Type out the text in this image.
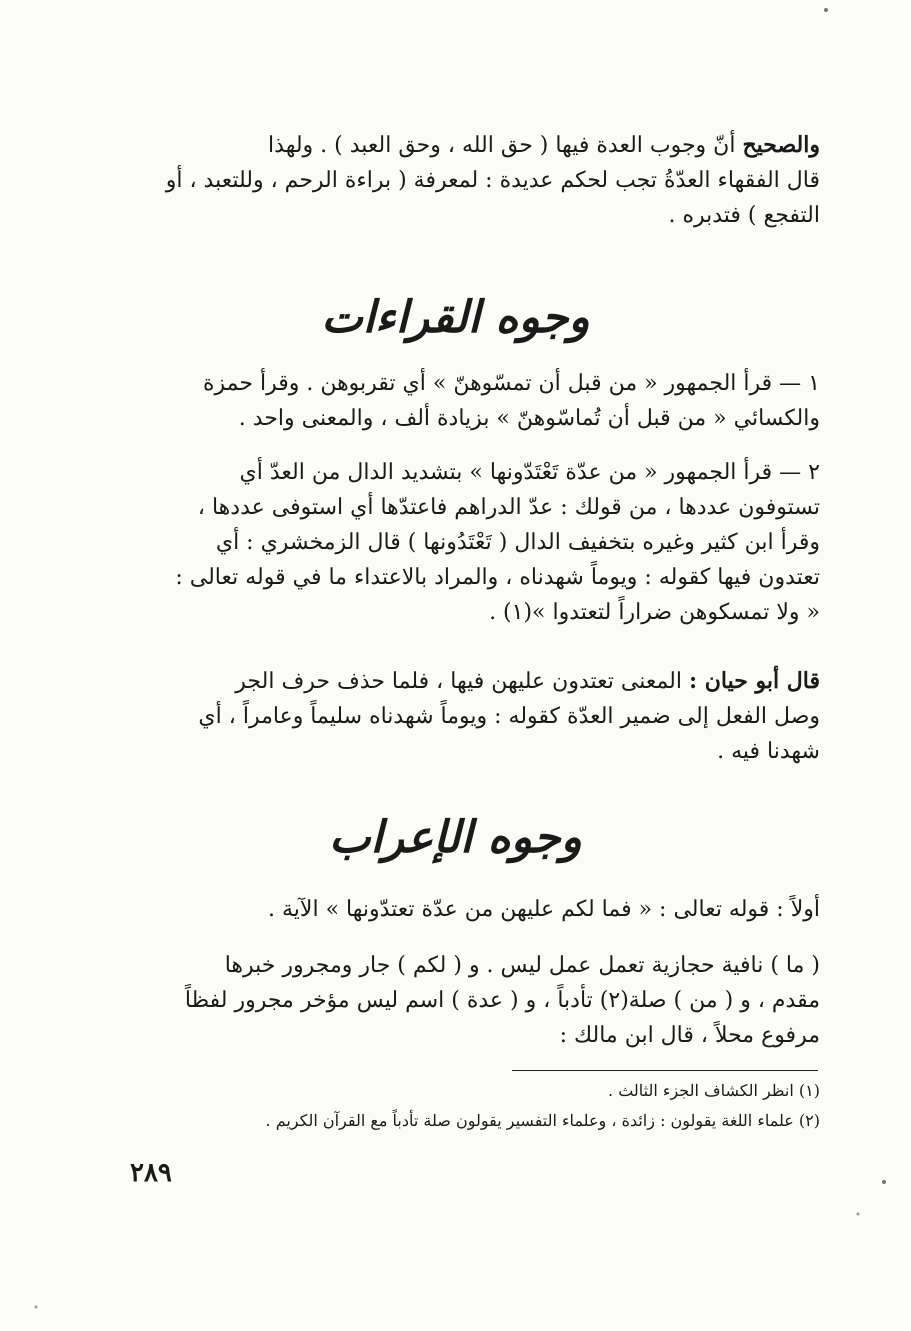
والصحيح أنّ وجوب العدة فيها ( حق الله ، وحق العبد ) . ولهذا
قال الفقهاء العدّةُ تجب لحكم عديدة : لمعرفة ( براءة الرحم ، وللتعبد ، أو
التفجع ) فتدبره .
وجوه القراءات
١ — قرأ الجمهور « من قبل أن تمسّوهنّ » أي تقربوهن . وقرأ حمزة
والكسائي « من قبل أن تُماسّوهنّ » بزيادة ألف ، والمعنى واحد .
٢ — قرأ الجمهور « من عدّة تَعْتَدّونها » بتشديد الدال من العدّ أي
تستوفون عددها ، من قولك : عدّ الدراهم فاعتدّها أي استوفى عددها ،
وقرأ ابن كثير وغيره بتخفيف الدال ( تَعْتَدُونها ) قال الزمخشري : أي
تعتدون فيها كقوله : ويوماً شهدناه ، والمراد بالاعتداء ما في قوله تعالى :
« ولا تمسكوهن ضراراً لتعتدوا »(١) .
قال أبو حيان : المعنى تعتدون عليهن فيها ، فلما حذف حرف الجر
وصل الفعل إلى ضمير العدّة كقوله : ويوماً شهدناه سليماً وعامراً ، أي
شهدنا فيه .
وجوه الإعراب
أولاً : قوله تعالى : « فما لكم عليهن من عدّة تعتدّونها » الآية .
( ما ) نافية حجازية تعمل عمل ليس . و ( لكم ) جار ومجرور خبرها
مقدم ، و ( من ) صلة(٢) تأدباً ، و ( عدة ) اسم ليس مؤخر مجرور لفظاً
مرفوع محلاً ، قال ابن مالك :
(١) انظر الكشاف الجزء الثالث .
(٢) علماء اللغة يقولون : زائدة ، وعلماء التفسير يقولون صلة تأدباً مع القرآن الكريم .
٢٨٩
